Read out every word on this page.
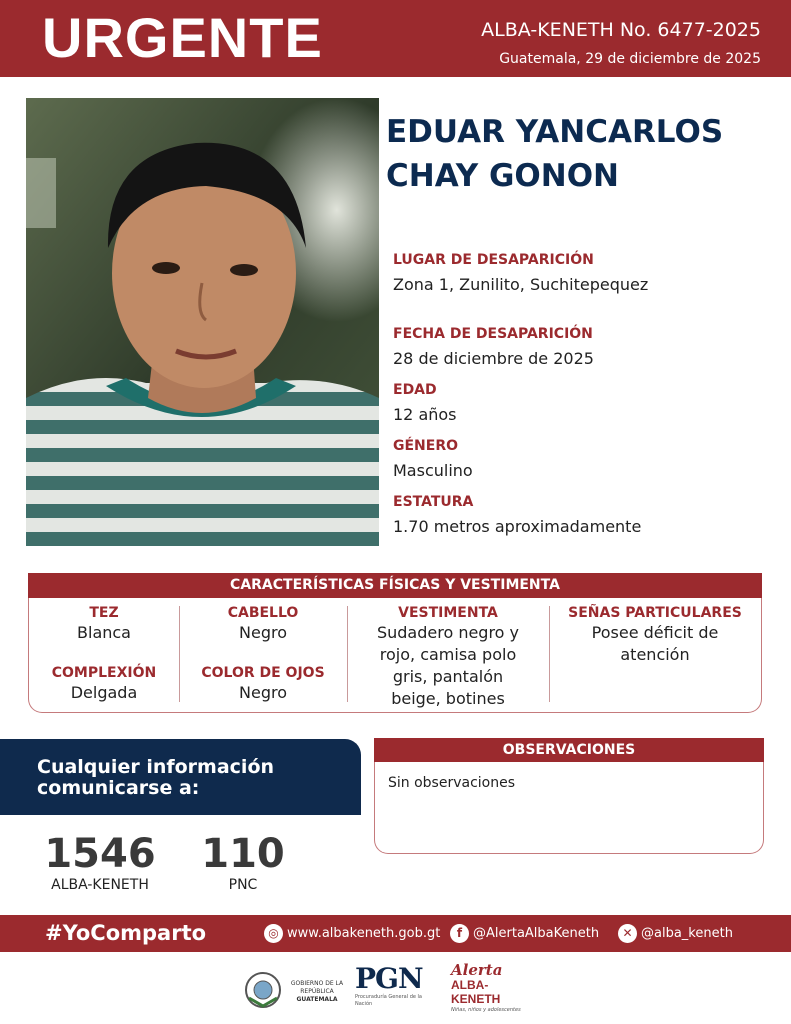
URGENTE	ALBA-KENETH No. 6477-2025
Guatemala, 29 de diciembre de 2025
EDUAR YANCARLOS
CHAY GONON
LUGAR DE DESAPARICIÓN
Zona 1, Zunilito, Suchitepequez
FECHA DE DESAPARICIÓN
28 de diciembre de 2025
EDAD
12 años
GÉNERO
Masculino
ESTATURA
1.70 metros aproximadamente
CARACTERÍSTICAS FÍSICAS Y VESTIMENTA
TEZ
Blanca
COMPLEXIÓN
Delgada
CABELLO
Negro
COLOR DE OJOS
Negro
VESTIMENTA
Sudadero negro y
rojo, camisa polo
gris, pantalón
beige, botines
SEÑAS PARTICULARES
Posee déficit de
atención
Cualquier información
comunicarse a:
1546
ALBA-KENETH
110
PNC
OBSERVACIONES
Sin observaciones
#YoComparto	◎ www.albakeneth.gob.gt	f @AlertaAlbaKeneth	✕ @alba_keneth
GOBIERNO DE LA REPÚBLICA
GUATEMALA
PGN
Procuraduría General de la Nación
Alerta
ALBA-KENETH
Niñas, niños y adolescentes
